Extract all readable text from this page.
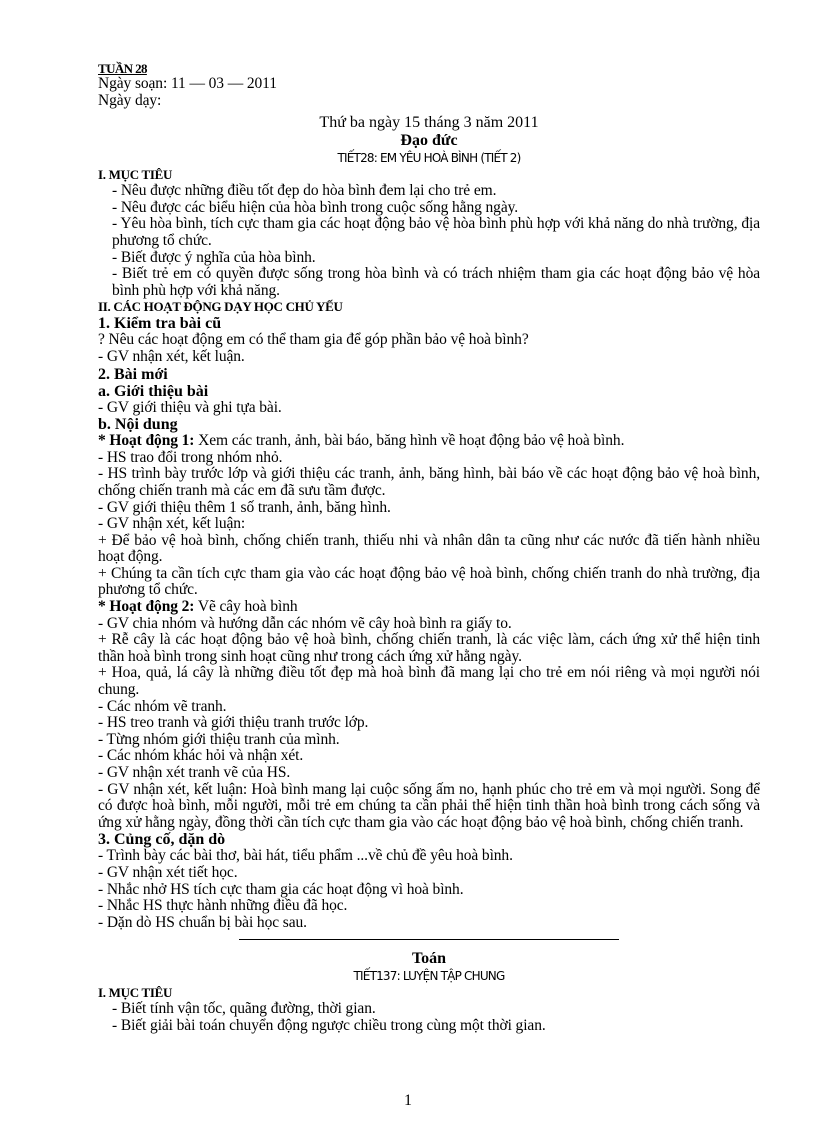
TUẦN 28
Ngày soạn: 11 — 03 — 2011
Ngày dạy:
Thứ ba ngày 15 tháng 3 năm 2011
Đạo đức
TIẾT28: EM YÊU HOÀ BÌNH (TIẾT 2)
I. MỤC TIÊU
- Nêu được những điều tốt đẹp do hòa bình đem lại cho trẻ em.
- Nêu được các biểu hiện của hòa bình trong cuộc sống hằng ngày.
- Yêu hòa bình, tích cực tham gia các hoạt động bảo vệ hòa bình phù hợp với khả năng do nhà trường, địa phương tổ chức.
- Biết được ý nghĩa của hòa bình.
- Biết trẻ em có quyền được sống trong hòa bình và có trách nhiệm tham gia các hoạt động bảo vệ hòa bình phù hợp với khả năng.
II. CÁC HOẠT ĐỘNG DẠY HỌC CHỦ YẾU
1. Kiểm tra bài cũ
? Nêu các hoạt động em có thể tham gia để góp phần bảo vệ hoà bình?
- GV nhận xét, kết luận.
2. Bài mới
a. Giới thiệu bài
- GV giới thiệu và ghi tựa bài.
b. Nội dung
* Hoạt động 1: Xem các tranh, ảnh, bài báo, băng hình về hoạt động bảo vệ hoà bình.
- HS trao đổi trong nhóm nhỏ.
- HS trình bày trước lớp và giới thiệu các tranh, ảnh, băng hình, bài báo về các hoạt động bảo vệ hoà bình, chống chiến tranh mà các em đã sưu tầm được.
- GV giới thiệu thêm 1 số tranh, ảnh, băng hình.
- GV nhận xét, kết luận:
+ Để bảo vệ hoà bình, chống chiến tranh, thiếu nhi và nhân dân ta cũng như các nước đã tiến hành nhiều hoạt động.
+ Chúng ta cần tích cực tham gia vào các hoạt động bảo vệ hoà bình, chống chiến tranh do nhà trường, địa phương tổ chức.
* Hoạt động 2: Vẽ cây hoà bình
- GV chia nhóm và hướng dẫn các nhóm vẽ cây hoà bình ra giấy to.
+ Rễ cây là các hoạt động bảo vệ hoà bình, chống chiến tranh, là các việc làm, cách ứng xử thể hiện tinh thần hoà bình trong sinh hoạt cũng như trong cách ứng xử hằng ngày.
+ Hoa, quả, lá cây là những điều tốt đẹp mà hoà bình đã mang lại cho trẻ em nói riêng và mọi người nói chung.
- Các nhóm vẽ tranh.
- HS treo tranh và giới thiệu tranh trước lớp.
- Từng nhóm giới thiệu tranh của mình.
- Các nhóm khác hỏi và nhận xét.
- GV nhận xét tranh vẽ của HS.
- GV nhận xét, kết luận: Hoà bình mang lại cuộc sống ấm no, hạnh phúc cho trẻ em và mọi người. Song để có được hoà bình, mỗi người, mỗi trẻ em chúng ta cần phải thể hiện tinh thần hoà bình trong cách sống và ứng xử hằng ngày, đồng thời cần tích cực tham gia vào các hoạt động bảo vệ hoà bình, chống chiến tranh.
3. Củng cố, dặn dò
- Trình bày các bài thơ, bài hát, tiểu phẩm ...về chủ đề yêu hoà bình.
- GV nhận xét tiết học.
- Nhắc nhở HS tích cực tham gia các hoạt động vì hoà bình.
- Nhắc HS thực hành những điều đã học.
- Dặn dò HS chuẩn bị bài học sau.
Toán
TIẾT137: LUYỆN TẬP CHUNG
I. MỤC TIÊU
- Biết tính vận tốc, quãng đường, thời gian.
- Biết giải bài toán chuyển động ngược chiều trong cùng một thời gian.
1
